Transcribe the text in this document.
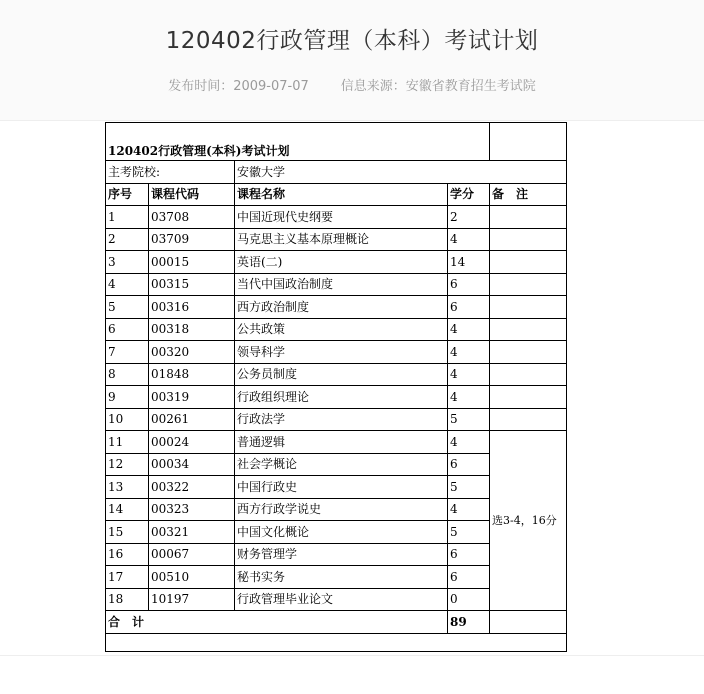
120402行政管理（本科）考试计划
发布时间：2009-07-07 信息来源：安徽省教育招生考试院
120402行政管理(本科)考试计划				
主考院校:		安徽大学		
序号	课程代码	课程名称	学分	备　注
1	03708	中国近现代史纲要	2	
2	03709	马克思主义基本原理概论	4	
3	00015	英语(二)	14	
4	00315	当代中国政治制度	6	
5	00316	西方政治制度	6	
6	00318	公共政策	4	
7	00320	领导科学	4	
8	01848	公务员制度	4	
9	00319	行政组织理论	4	
10	00261	行政法学	5	
11	00024	普通逻辑	4	选3-4，16分
12	00034	社会学概论	6	
13	00322	中国行政史	5	
14	00323	西方行政学说史	4	
15	00321	中国文化概论	5	
16	00067	财务管理学	6	
17	00510	秘书实务	6	
18	10197	行政管理毕业论文	0	
合计			89	
